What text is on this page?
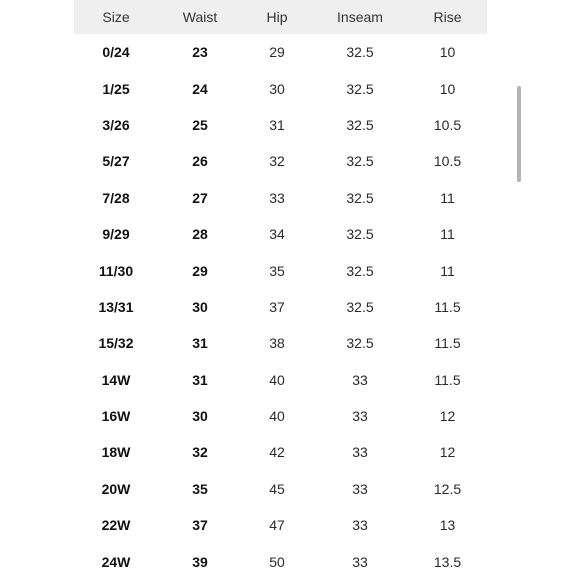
Size	Waist	Hip	Inseam	Rise
0/24	23	29	32.5	10
1/25	24	30	32.5	10
3/26	25	31	32.5	10.5
5/27	26	32	32.5	10.5
7/28	27	33	32.5	11
9/29	28	34	32.5	11
11/30	29	35	32.5	11
13/31	30	37	32.5	11.5
15/32	31	38	32.5	11.5
14W	31	40	33	11.5
16W	30	40	33	12
18W	32	42	33	12
20W	35	45	33	12.5
22W	37	47	33	13
24W	39	50	33	13.5
